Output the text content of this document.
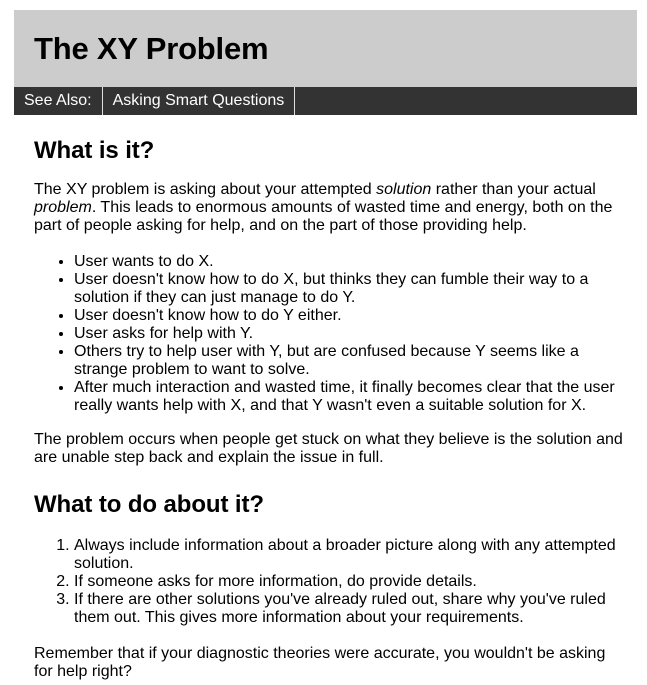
The XY Problem
See Also:	Asking Smart Questions
What is it?

The XY problem is asking about your attempted solution rather than your actual problem. This leads to enormous amounts of wasted time and energy, both on the part of people asking for help, and on the part of those providing help.

• User wants to do X.
• User doesn't know how to do X, but thinks they can fumble their way to a solution if they can just manage to do Y.
• User doesn't know how to do Y either.
• User asks for help with Y.
• Others try to help user with Y, but are confused because Y seems like a strange problem to want to solve.
• After much interaction and wasted time, it finally becomes clear that the user really wants help with X, and that Y wasn't even a suitable solution for X.

The problem occurs when people get stuck on what they believe is the solution and are unable step back and explain the issue in full.

What to do about it?
1. Always include information about a broader picture along with any attempted solution.
2. If someone asks for more information, do provide details.
3. If there are other solutions you've already ruled out, share why you've ruled them out. This gives more information about your requirements.

Remember that if your diagnostic theories were accurate, you wouldn't be asking for help right?
